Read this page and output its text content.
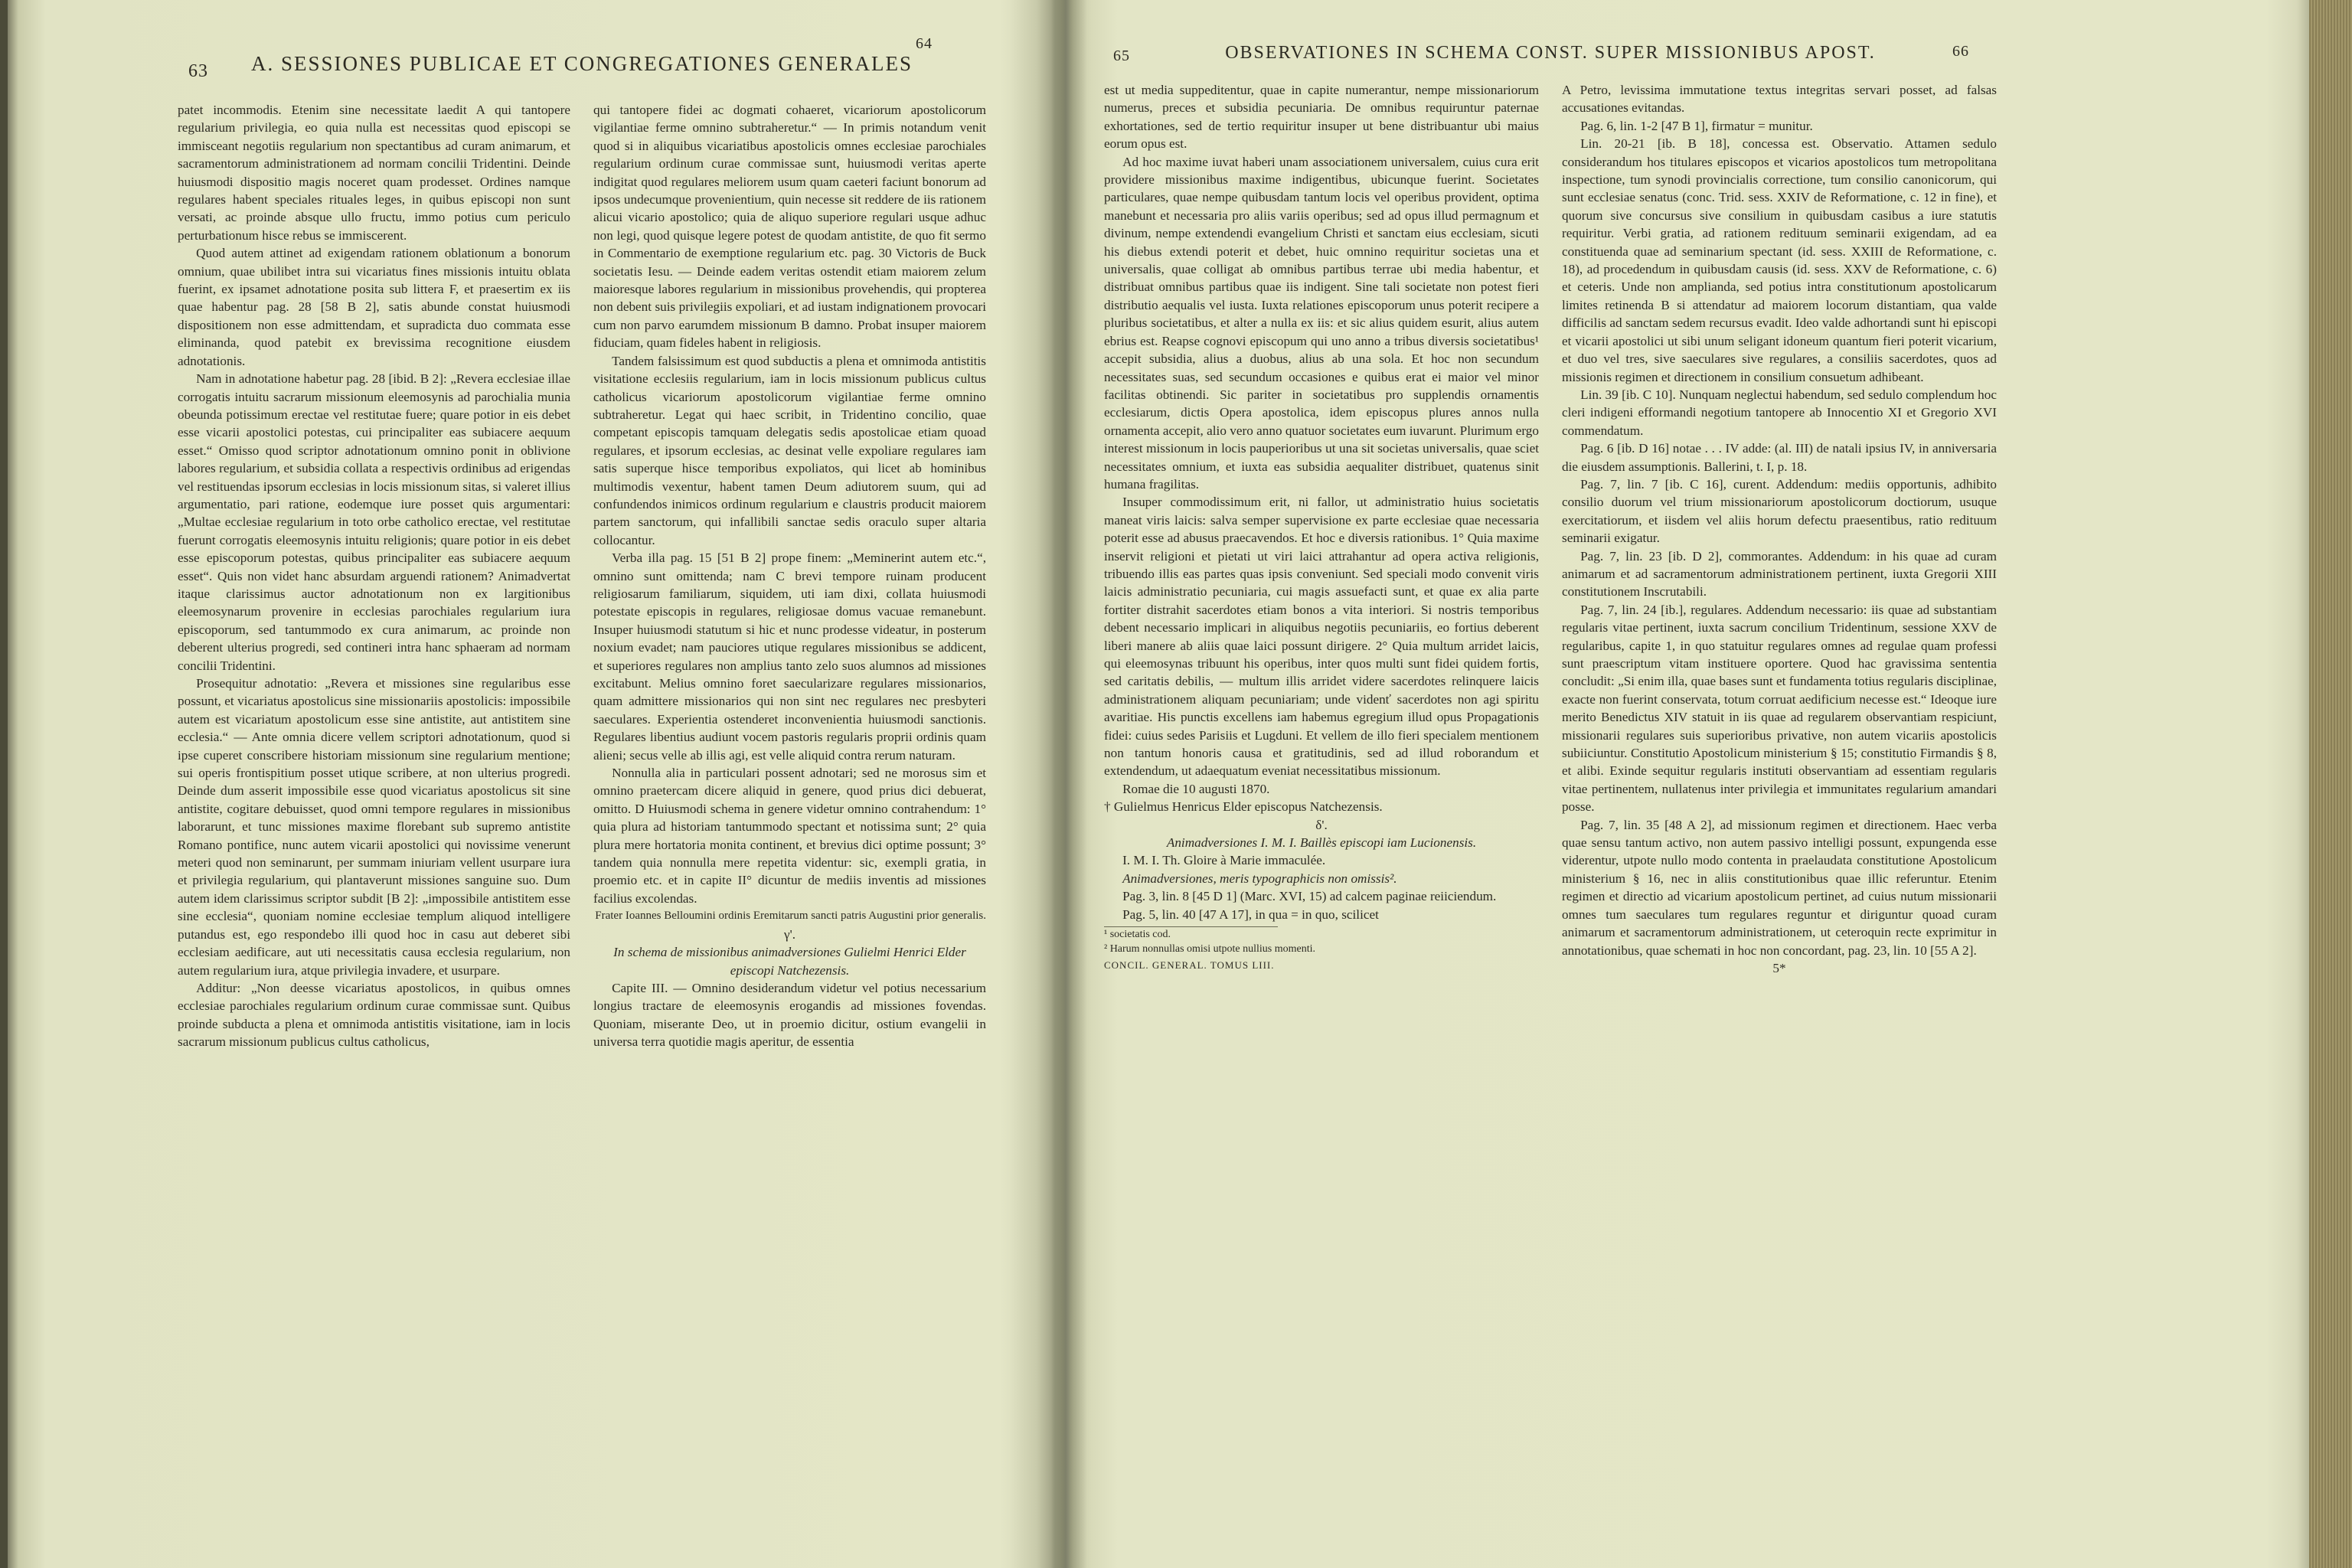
63	A. SESSIONES PUBLICAE ET CONGREGATIONES GENERALES
64

patet incommodis. Etenim sine necessitate laedit A qui tantopere regularium privilegia, eo quia nulla est necessitas quod episcopi se immisceant negotiis regularium non spectantibus ad curam animarum, et sacramentorum administrationem ad normam concilii Tridentini. Deinde huiusmodi dispositio magis noceret quam prodesset. Ordines namque regulares habent speciales rituales leges, in quibus episcopi non sunt versati, ac proinde absque ullo fructu, immo potius cum periculo perturbationum hisce rebus se immiscerent.

Quod autem attinet ad exigendam rationem oblationum a bonorum omnium, quae ubilibet intra sui vicariatus fines missionis intuitu oblata fuerint, ex ipsamet adnotatione posita sub littera F, et praesertim ex iis quae habentur pag. 28 [58 B 2], satis abunde constat huiusmodi dispositionem non esse admittendam, et supradicta duo commata esse eliminanda, quod patebit ex brevissima recognitione eiusdem adnotationis.

Nam in adnotatione habetur pag. 28 [ibid. B 2]: „Revera ecclesiae illae corrogatis intuitu sacrarum missionum eleemosynis ad parochialia munia obeunda potissimum erectae vel restitutae fuere; quare potior in eis debet esse vicarii apostolici potestas, cui principaliter eas subiacere aequum esset.“ Omisso quod scriptor adnotationum omnino ponit in oblivione labores regularium, et subsidia collata a respectivis ordinibus ad erigendas vel restituendas ipsorum ecclesias in locis missionum sitas, si valeret illius argumentatio, pari ratione, eodemque iure posset quis argumentari: „Multae ecclesiae regularium in toto orbe catholico erectae, vel restitutae fuerunt corrogatis eleemosynis intuitu religionis; quare potior in eis debet esse episcoporum potestas, quibus principaliter eas subiacere aequum esset“. Quis non videt hanc absurdam arguendi rationem? Animadvertat itaque clarissimus auctor adnotationum non ex largitionibus eleemosynarum provenire in ecclesias parochiales regularium iura episcoporum, sed tantummodo ex cura animarum, ac proinde non deberent ulterius progredi, sed contineri intra hanc sphaeram ad normam concilii Tridentini.

Prosequitur adnotatio: „Revera et missiones sine regularibus esse possunt, et vicariatus apostolicus sine missionariis apostolicis: impossibile autem est vicariatum apostolicum esse sine antistite, aut antistitem sine ecclesia.“ — Ante omnia dicere vellem scriptori adnotationum, quod si ipse cuperet conscribere historiam missionum sine regularium mentione; sui operis frontispitium posset utique scribere, at non ulterius progredi. Deinde dum asserit impossibile esse quod vicariatus apostolicus sit sine antistite, cogitare debuisset, quod omni tempore regulares in missionibus laborarunt, et tunc missiones maxime florebant sub supremo antistite Romano pontifice, nunc autem vicarii apostolici qui novissime venerunt meteri quod non seminarunt, per summam iniuriam vellent usurpare iura et privilegia regularium, qui plantaverunt missiones sanguine suo. Dum autem idem clarissimus scriptor subdit [B 2]: „impossibile antistitem esse sine ecclesia“, quoniam nomine ecclesiae templum aliquod intelligere putandus est, ego respondebo illi quod hoc in casu aut deberet sibi ecclesiam aedificare, aut uti necessitatis causa ecclesia regularium, non autem regularium iura, atque privilegia invadere, et usurpare.

Additur: „Non deesse vicariatus apostolicos, in quibus omnes ecclesiae parochiales regularium ordinum curae commissae sunt. Quibus proinde subducta a plena et omnimoda antistitis visitatione, iam in locis sacrarum missionum publicus cultus catholicus,

qui tantopere fidei ac dogmati cohaeret, vicariorum apostolicorum vigilantiae ferme omnino subtraheretur.“ — In primis notandum venit quod si in aliquibus vicariatibus apostolicis omnes ecclesiae parochiales regularium ordinum curae commissae sunt, huiusmodi veritas aperte indigitat quod regulares meliorem usum quam caeteri faciunt bonorum ad ipsos undecumque provenientium, quin necesse sit reddere de iis rationem alicui vicario apostolico; quia de aliquo superiore regulari usque adhuc non legi, quod quisque legere potest de quodam antistite, de quo fit sermo in Commentario de exemptione regularium etc. pag. 30 Victoris de Buck societatis Iesu. — Deinde eadem veritas ostendit etiam maiorem zelum maioresque labores regularium in missionibus provehendis, qui propterea non debent suis privilegiis expoliari, et ad iustam indignationem provocari cum non parvo earumdem missionum B damno. Probat insuper maiorem fiduciam, quam fideles habent in religiosis.

Tandem falsissimum est quod subductis a plena et omnimoda antistitis visitatione ecclesiis regularium, iam in locis missionum publicus cultus catholicus vicariorum apostolicorum vigilantiae ferme omnino subtraheretur. Legat qui haec scribit, in Tridentino concilio, quae competant episcopis tamquam delegatis sedis apostolicae etiam quoad regulares, et ipsorum ecclesias, ac desinat velle expoliare regulares iam satis superque hisce temporibus expoliatos, qui licet ab hominibus multimodis vexentur, habent tamen Deum adiutorem suum, qui ad confundendos inimicos ordinum regularium e claustris producit maiorem partem sanctorum, qui infallibili sanctae sedis oraculo super altaria collocantur.

Verba illa pag. 15 [51 B 2] prope finem: „Meminerint autem etc.“, omnino sunt omittenda; nam C brevi tempore ruinam producent religiosarum familiarum, siquidem, uti iam dixi, collata huiusmodi potestate episcopis in regulares, religiosae domus vacuae remanebunt. Insuper huiusmodi statutum si hic et nunc prodesse videatur, in posterum noxium evadet; nam pauciores utique regulares missionibus se addicent, et superiores regulares non amplius tanto zelo suos alumnos ad missiones excitabunt. Melius omnino foret saecularizare regulares missionarios, quam admittere missionarios qui non sint nec regulares nec presbyteri saeculares. Experientia ostenderet inconvenientia huiusmodi sanctionis. Regulares libentius audiunt vocem pastoris regularis proprii ordinis quam alieni; secus velle ab illis agi, est velle aliquid contra rerum naturam.

Nonnulla alia in particulari possent adnotari; sed ne morosus sim et omnino praetercam dicere aliquid in genere, quod prius dici debuerat, omitto. D Huiusmodi schema in genere videtur omnino contrahendum: 1° quia plura ad historiam tantummodo spectant et notissima sunt; 2° quia plura mere hortatoria monita continent, et brevius dici optime possunt; 3° tandem quia nonnulla mere repetita videntur: sic, exempli gratia, in proemio etc. et in capite II° dicuntur de mediis inventis ad missiones facilius excolendas.

Frater Ioannes Belloumini ordinis Eremitarum sancti patris Augustini prior generalis.

γ'.

In schema de missionibus animadversiones Gulielmi Henrici Elder episcopi Natchezensis.

Capite III. — Omnino desiderandum videtur vel potius necessarium longius tractare de eleemosynis erogandis ad missiones fovendas. Quoniam, miserante Deo, ut in proemio dicitur, ostium evangelii in universa terra quotidie magis aperitur, de essentia

65	OBSERVATIONES IN SCHEMA CONST. SUPER MISSIONIBUS APOST.	66

est ut media suppeditentur, quae in capite numerantur, nempe missionariorum numerus, preces et subsidia pecuniaria. De omnibus requiruntur paternae exhortationes, sed de tertio requiritur insuper ut bene distribuantur ubi maius eorum opus est.

Ad hoc maxime iuvat haberi unam associationem universalem, cuius cura erit providere missionibus maxime indigentibus, ubicunque fuerint. Societates particulares, quae nempe quibusdam tantum locis vel operibus provident, optima manebunt et necessaria pro aliis variis operibus; sed ad opus illud permagnum et divinum, nempe extendendi evangelium Christi et sanctam eius ecclesiam, sicuti his diebus extendi poterit et debet, huic omnino requiritur societas una et universalis, quae colligat ab omnibus partibus terrae ubi media habentur, et distribuat omnibus partibus quae iis indigent. Sine tali societate non potest fieri distributio aequalis vel iusta. Iuxta relationes episcoporum unus poterit recipere a pluribus societatibus, et alter a nulla ex iis: et sic alius quidem esurit, alius autem ebrius est. Reapse cognovi episcopum qui uno anno a tribus diversis societatibus¹ accepit subsidia, alius a duobus, alius ab una sola. Et hoc non secundum necessitates suas, sed secundum occasiones e quibus erat ei maior vel minor facilitas obtinendi. Sic pariter in societatibus pro supplendis ornamentis ecclesiarum, dictis Opera apostolica, idem episcopus plures annos nulla ornamenta accepit, alio vero anno quatuor societates eum iuvarunt. Plurimum ergo interest missionum in locis pauperioribus ut una sit societas universalis, quae sciet necessitates omnium, et iuxta eas subsidia aequaliter distribuet, quatenus sinit humana fragilitas.

Insuper commodissimum erit, ni fallor, ut administratio huius societatis maneat viris laicis: salva semper supervisione ex parte ecclesiae quae necessaria poterit esse ad abusus praecavendos. Et hoc e diversis rationibus. 1° Quia maxime inservit religioni et pietati ut viri laici attrahantur ad opera activa religionis, tribuendo illis eas partes quas ipsis conveniunt. Sed speciali modo convenit viris laicis administratio pecuniaria, cui magis assuefacti sunt, et quae ex alia parte fortiter distrahit sacerdotes etiam bonos a vita interiori. Si nostris temporibus debent necessario implicari in aliquibus negotiis pecuniariis, eo fortius deberent liberi manere ab aliis quae laici possunt dirigere. 2° Quia multum arridet laicis, qui eleemosynas tribuunt his operibus, inter quos multi sunt fidei quidem fortis, sed caritatis debilis, — multum illis arridet videre sacerdotes relinquere laicis administrationem aliquam pecuniariam; unde videnť sacerdotes non agi spiritu avaritiae. His punctis excellens iam habemus egregium illud opus Propagationis fidei: cuius sedes Parisiis et Lugduni. Et vellem de illo fieri specialem mentionem non tantum honoris causa et gratitudinis, sed ad illud roborandum et extendendum, ut adaequatum eveniat necessitatibus missionum.

Romae die 10 augusti 1870.

† Gulielmus Henricus Elder episcopus Natchezensis.

δ'.

Animadversiones I. M. I. Baillès episcopi iam Lucionensis.

I. M. I. Th. Gloire à Marie immaculée.

Animadversiones, meris typographicis non omissis².

Pag. 3, lin. 8 [45 D 1] (Marc. XVI, 15) ad calcem paginae reiiciendum.

Pag. 5, lin. 40 [47 A 17], in qua = in quo, scilicet

¹ societatis cod.

² Harum nonnullas omisi utpote nullius momenti.

CONCIL. GENERAL. TOMUS LIII.

A Petro, levissima immutatione textus integritas servari posset, ad falsas accusationes evitandas.

Pag. 6, lin. 1-2 [47 B 1], firmatur = munitur.

Lin. 20-21 [ib. B 18], concessa est. Observatio. Attamen sedulo considerandum hos titulares episcopos et vicarios apostolicos tum metropolitana inspectione, tum synodi provincialis correctione, tum consilio canonicorum, qui sunt ecclesiae senatus (conc. Trid. sess. XXIV de Reformatione, c. 12 in fine), et quorum sive concursus sive consilium in quibusdam casibus a iure statutis requiritur. Verbi gratia, ad rationem redituum seminarii exigendam, ad ea constituenda quae ad seminarium spectant (id. sess. XXIII de Reformatione, c. 18), ad procedendum in quibusdam causis (id. sess. XXV de Reformatione, c. 6) et ceteris. Unde non amplianda, sed potius intra constitutionum apostolicarum limites retinenda B si attendatur ad maiorem locorum distantiam, qua valde difficilis ad sanctam sedem recursus evadit. Ideo valde adhortandi sunt hi episcopi et vicarii apostolici ut sibi unum seligant idoneum quantum fieri poterit vicarium, et duo vel tres, sive saeculares sive regulares, a consiliis sacerdotes, quos ad missionis regimen et directionem in consilium consuetum adhibeant.

Lin. 39 [ib. C 10]. Nunquam neglectui habendum, sed sedulo complendum hoc cleri indigeni efformandi negotium tantopere ab Innocentio XI et Gregorio XVI commendatum.

Pag. 6 [ib. D 16] notae . . . IV adde: (al. III) de natali ipsius IV, in anniversaria die eiusdem assumptionis. Ballerini, t. I, p. 18.

Pag. 7, lin. 7 [ib. C 16], curent. Addendum: mediis opportunis, adhibito consilio duorum vel trium missionariorum apostolicorum doctiorum, usuque exercitatiorum, et iisdem vel aliis horum defectu praesentibus, ratio redituum seminarii exigatur.

Pag. 7, lin. 23 [ib. D 2], commorantes. Addendum: in his quae ad curam animarum et ad sacramentorum administrationem pertinent, iuxta Gregorii XIII constitutionem Inscrutabili.

Pag. 7, lin. 24 [ib.], regulares. Addendum necessario: iis quae ad substantiam regularis vitae pertinent, iuxta sacrum concilium Tridentinum, sessione XXV de regularibus, capite 1, in quo statuitur regulares omnes ad regulae quam professi sunt praescriptum vitam instituere oportere. Quod hac gravissima sententia concludit: „Si enim illa, quae bases sunt et fundamenta totius regularis disciplinae, exacte non fuerint conservata, totum corruat aedificium necesse est.“ Ideoque iure merito Benedictus XIV statuit in iis quae ad regularem observantiam respiciunt, missionarii regulares suis superioribus privative, non autem vicariis apostolicis subiiciuntur. Constitutio Apostolicum ministerium § 15; constitutio Firmandis § 8, et alibi. Exinde sequitur regularis instituti observantiam ad essentiam regularis vitae pertinentem, nullatenus inter privilegia et immunitates regularium amandari posse.

Pag. 7, lin. 35 [48 A 2], ad missionum regimen et directionem. Haec verba quae sensu tantum activo, non autem passivo intelligi possunt, expungenda esse viderentur, utpote nullo modo contenta in praelaudata constitutione Apostolicum ministerium § 16, nec in aliis constitutionibus quae illic referuntur. Etenim regimen et directio ad vicarium apostolicum pertinet, ad cuius nutum missionarii omnes tum saeculares tum regulares reguntur et diriguntur quoad curam animarum et sacramentorum administrationem, ut ceteroquin recte exprimitur in annotationibus, quae schemati in hoc non concordant, pag. 23, lin. 10 [55 A 2].

5*
